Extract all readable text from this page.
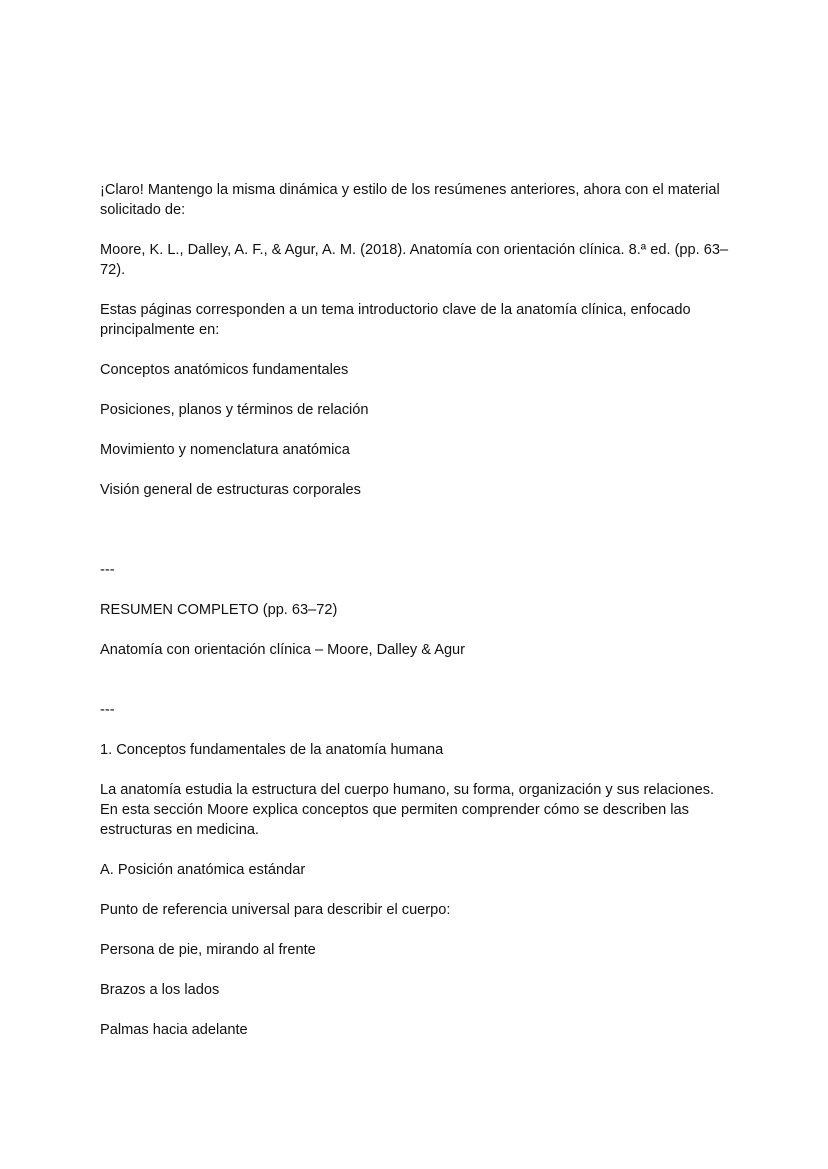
¡Claro! Mantengo la misma dinámica y estilo de los resúmenes anteriores, ahora con el material solicitado de:

Moore, K. L., Dalley, A. F., & Agur, A. M. (2018). Anatomía con orientación clínica. 8.ª ed. (pp. 63–72).

Estas páginas corresponden a un tema introductorio clave de la anatomía clínica, enfocado principalmente en:

Conceptos anatómicos fundamentales

Posiciones, planos y términos de relación

Movimiento y nomenclatura anatómica

Visión general de estructuras corporales

---

RESUMEN COMPLETO (pp. 63–72)

Anatomía con orientación clínica – Moore, Dalley & Agur

---

1. Conceptos fundamentales de la anatomía humana

La anatomía estudia la estructura del cuerpo humano, su forma, organización y sus relaciones. En esta sección Moore explica conceptos que permiten comprender cómo se describen las estructuras en medicina.

A. Posición anatómica estándar

Punto de referencia universal para describir el cuerpo:

Persona de pie, mirando al frente

Brazos a los lados

Palmas hacia adelante
